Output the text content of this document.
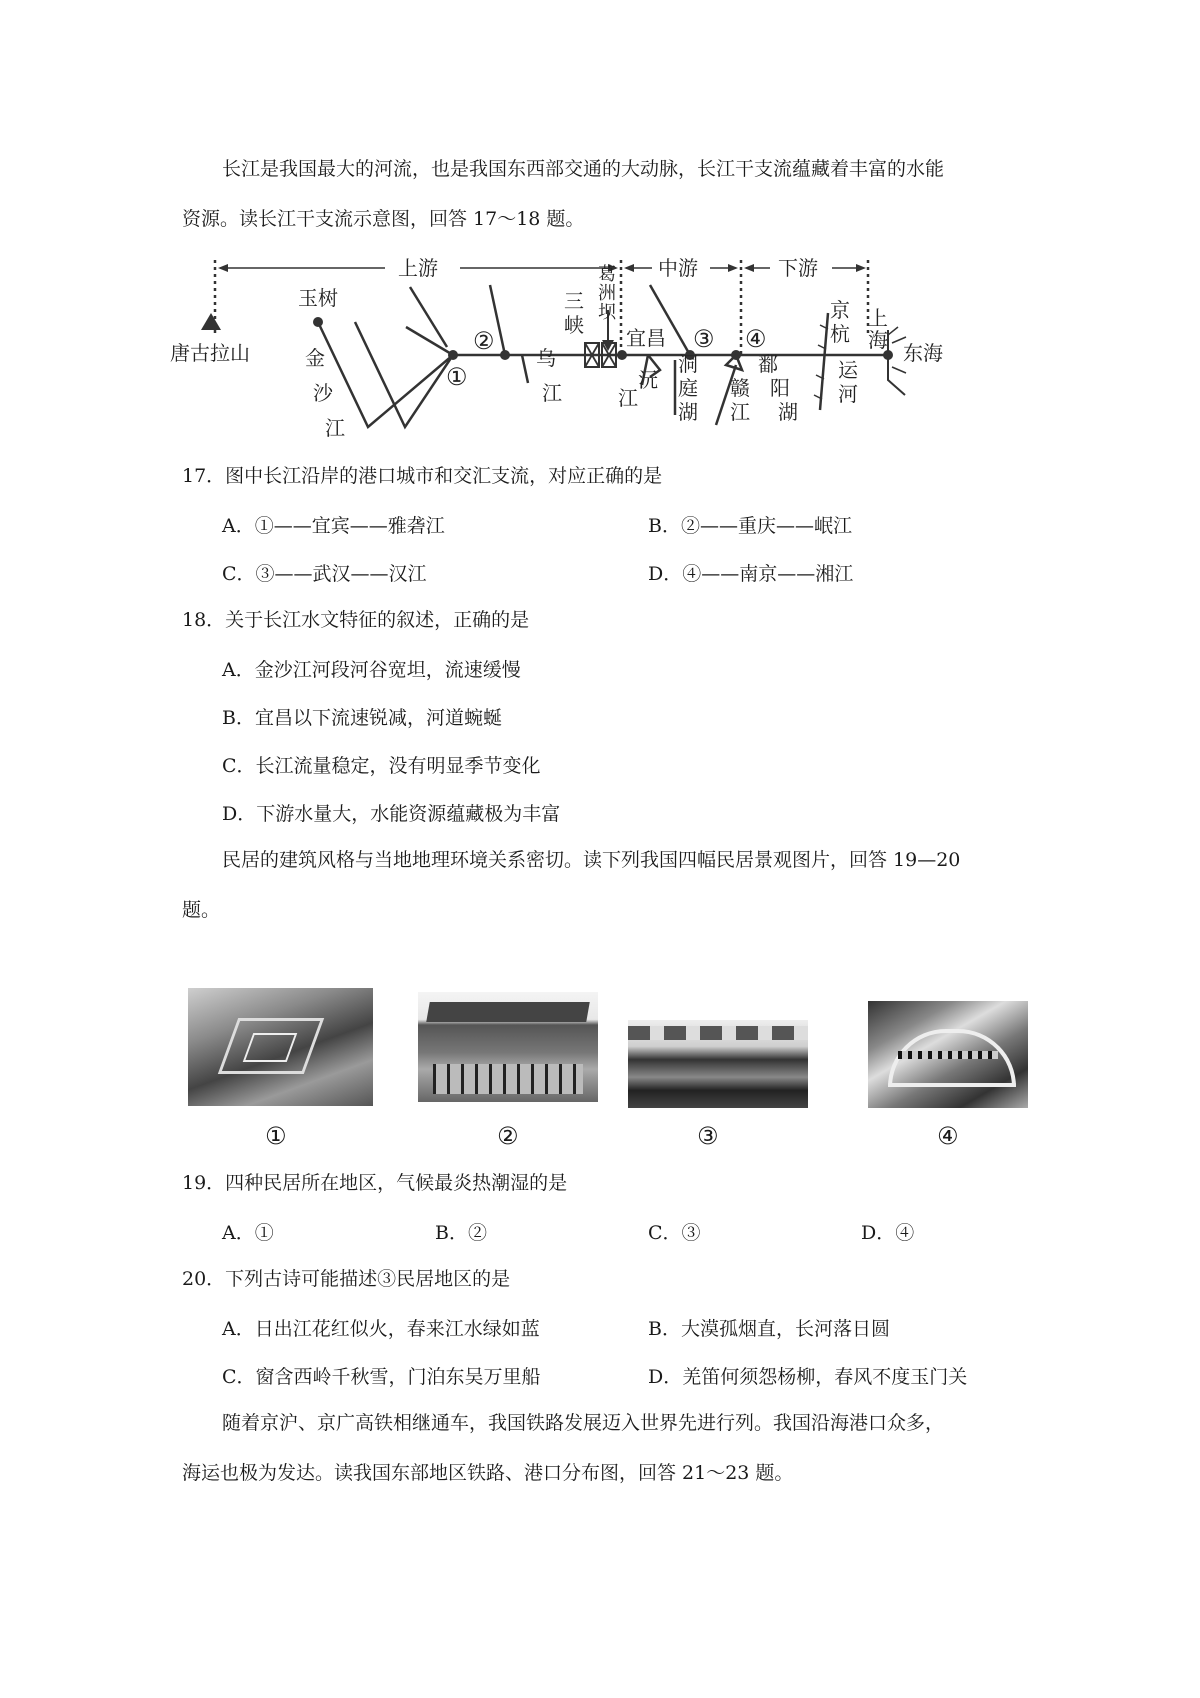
长江是我国最大的河流，也是我国东西部交通的大动脉，长江干支流蕴藏着丰富的水能
资源。读长江干支流示意图，回答 17～18 题。
上游	中游	下游
唐古拉山
玉树
金
沙
江
①
②
乌
江
三
峡
葛
洲
坝
宜昌
江
沅
洞
庭
湖
③ ④
赣
江
鄱
阳
湖
京
杭
运
河
上
海
东海
17．图中长江沿岸的港口城市和交汇支流，对应正确的是
A．①——宜宾——雅砻江	B．②——重庆——岷江
C．③——武汉——汉江	D．④——南京——湘江
18．关于长江水文特征的叙述，正确的是
A．金沙江河段河谷宽坦，流速缓慢
B．宜昌以下流速锐减，河道蜿蜒
C．长江流量稳定，没有明显季节变化
D．下游水量大，水能资源蕴藏极为丰富
民居的建筑风格与当地地理环境关系密切。读下列我国四幅民居景观图片，回答 19—20
题。
①	②	③	④
19．四种民居所在地区，气候最炎热潮湿的是
A．①	B．②	C．③	D．④
20．下列古诗可能描述③民居地区的是
A．日出江花红似火，春来江水绿如蓝	B．大漠孤烟直，长河落日圆
C．窗含西岭千秋雪，门泊东吴万里船	D．羌笛何须怨杨柳，春风不度玉门关
随着京沪、京广高铁相继通车，我国铁路发展迈入世界先进行列。我国沿海港口众多，
海运也极为发达。读我国东部地区铁路、港口分布图，回答 21～23 题。
